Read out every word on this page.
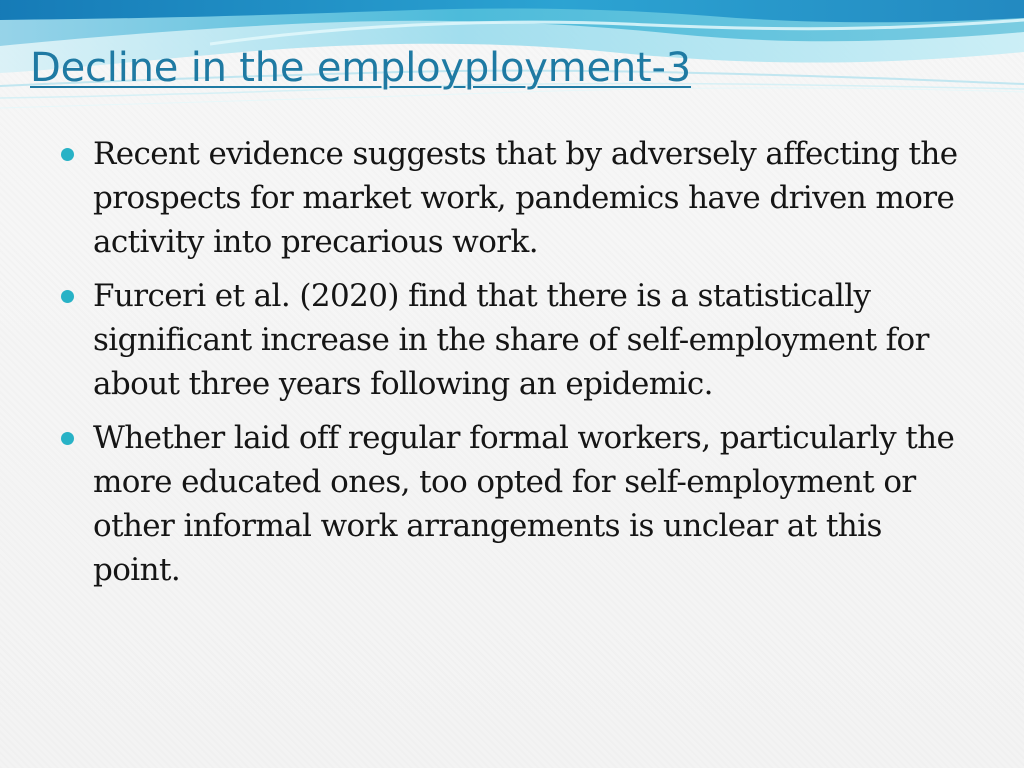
Decline in the employployment-3
Recent evidence suggests that by adversely affecting the prospects for market work, pandemics have driven more activity into precarious work.
Furceri et al. (2020) find that there is a statistically significant increase in the share of self-employment for about three years following an epidemic.
Whether laid off regular formal workers, particularly the more educated ones, too opted for self-employment or other informal work arrangements is unclear at this point.
